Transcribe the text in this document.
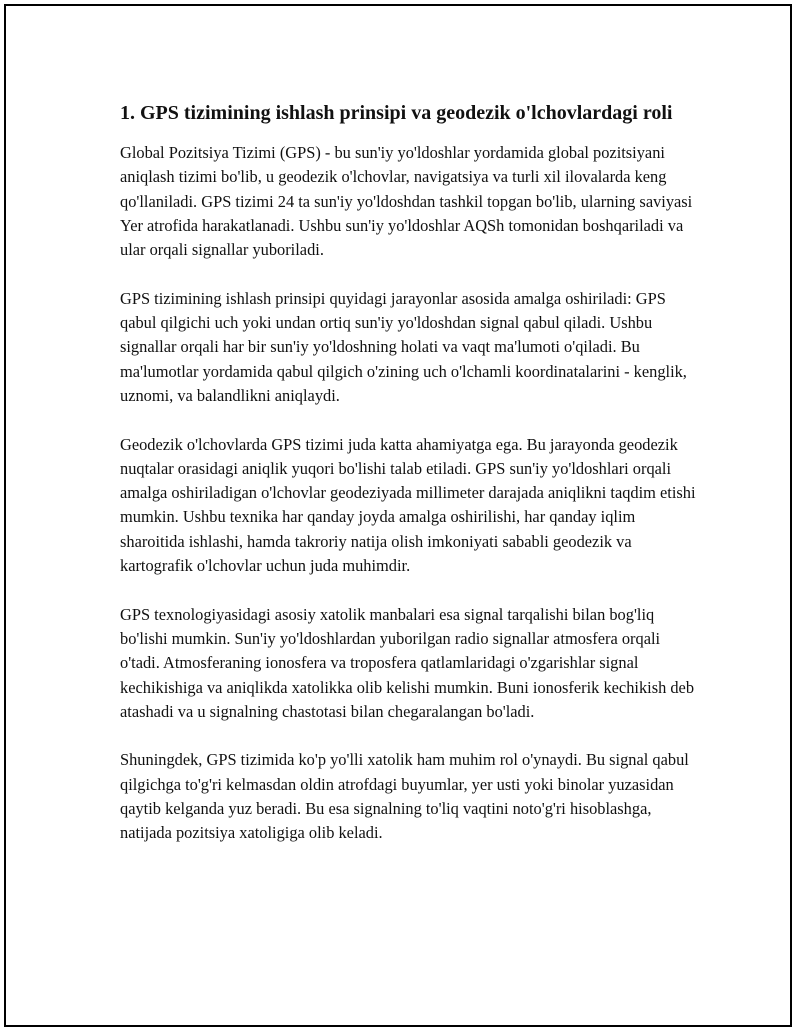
1. GPS tizimining ishlash prinsipi va geodezik o'lchovlardagi roli

Global Pozitsiya Tizimi (GPS) - bu sun'iy yo'ldoshlar yordamida global pozitsiyani aniqlash tizimi bo'lib, u geodezik o'lchovlar, navigatsiya va turli xil ilovalarda keng qo'llaniladi. GPS tizimi 24 ta sun'iy yo'ldoshdan tashkil topgan bo'lib, ularning saviyasi Yer atrofida harakatlanadi. Ushbu sun'iy yo'ldoshlar AQSh tomonidan boshqariladi va ular orqali signallar yuboriladi.

GPS tizimining ishlash prinsipi quyidagi jarayonlar asosida amalga oshiriladi: GPS qabul qilgichi uch yoki undan ortiq sun'iy yo'ldoshdan signal qabul qiladi. Ushbu signallar orqali har bir sun'iy yo'ldoshning holati va vaqt ma'lumoti o'qiladi. Bu ma'lumotlar yordamida qabul qilgich o'zining uch o'lchamli koordinatalarini - kenglik, uznomi, va balandlikni aniqlaydi.

Geodezik o'lchovlarda GPS tizimi juda katta ahamiyatga ega. Bu jarayonda geodezik nuqtalar orasidagi aniqlik yuqori bo'lishi talab etiladi. GPS sun'iy yo'ldoshlari orqali amalga oshiriladigan o'lchovlar geodeziyada millimeter darajada aniqlikni taqdim etishi mumkin. Ushbu texnika har qanday joyda amalga oshirilishi, har qanday iqlim sharoitida ishlashi, hamda takroriy natija olish imkoniyati sababli geodezik va kartografik o'lchovlar uchun juda muhimdir.

GPS texnologiyasidagi asosiy xatolik manbalari esa signal tarqalishi bilan bog'liq bo'lishi mumkin. Sun'iy yo'ldoshlardan yuborilgan radio signallar atmosfera orqali o'tadi. Atmosferaning ionosfera va troposfera qatlamlaridagi o'zgarishlar signal kechikishiga va aniqlikda xatolikka olib kelishi mumkin. Buni ionosferik kechikish deb atashadi va u signalning chastotasi bilan chegaralangan bo'ladi.

Shuningdek, GPS tizimida ko'p yo'lli xatolik ham muhim rol o'ynaydi. Bu signal qabul qilgichga to'g'ri kelmasdan oldin atrofdagi buyumlar, yer usti yoki binolar yuzasidan qaytib kelganda yuz beradi. Bu esa signalning to'liq vaqtini noto'g'ri hisoblashga, natijada pozitsiya xatoligiga olib keladi.
